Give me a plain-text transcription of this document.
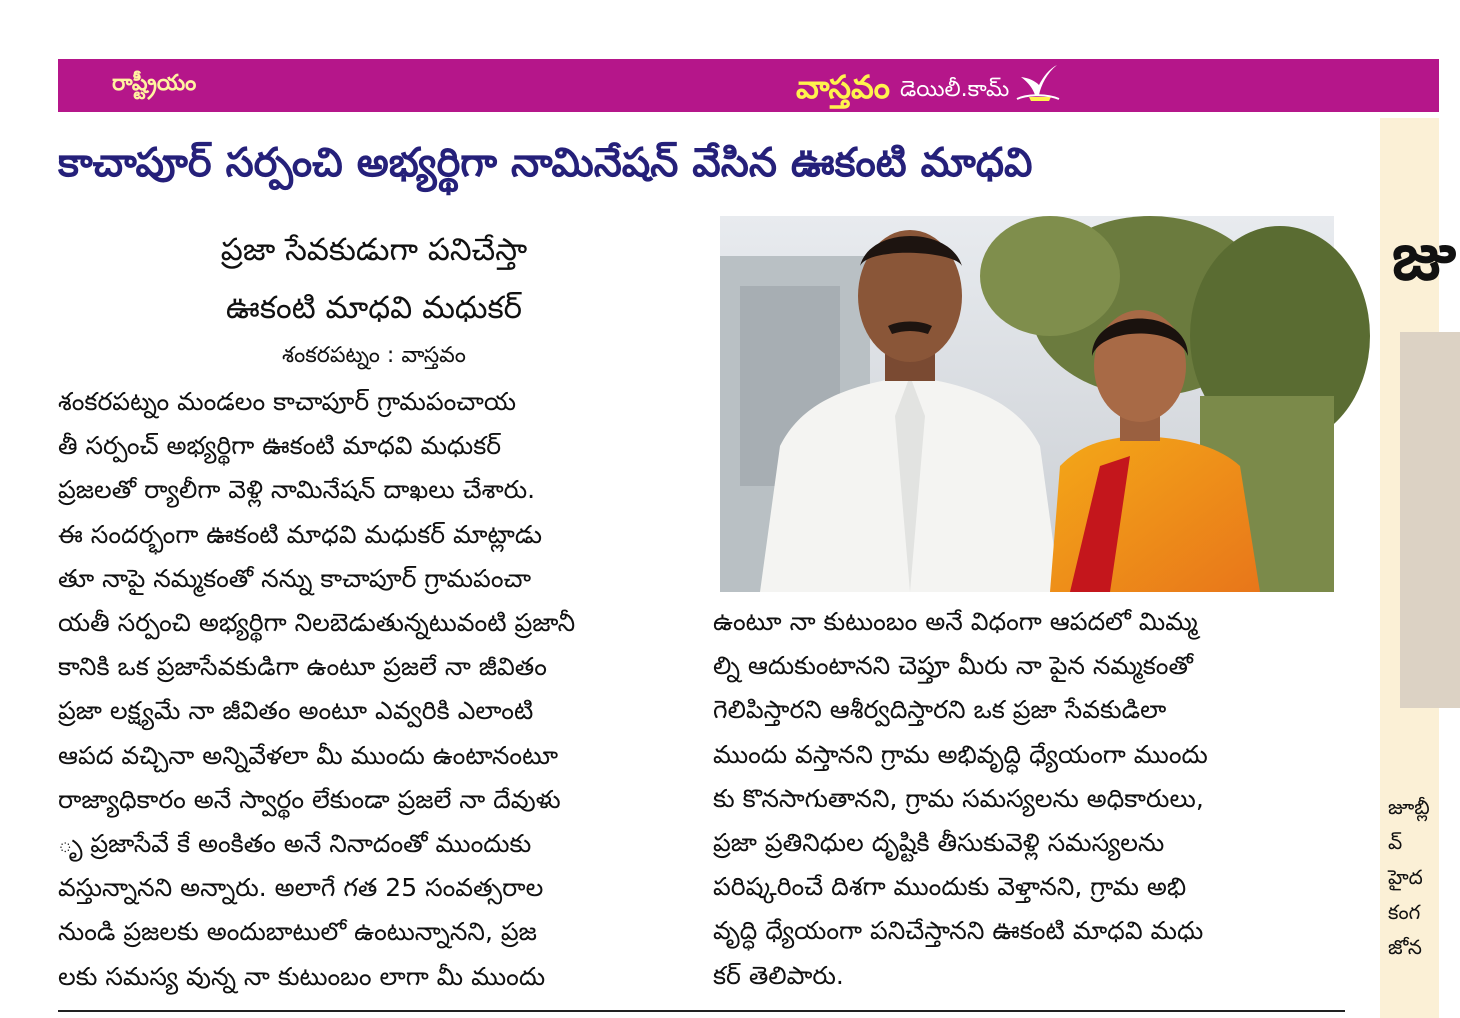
రాష్ట్రీయం	వాస్తవం డెయిలీ.కామ్
కాచాపూర్ సర్పంచి అభ్యర్థిగా నామినేషన్ వేసిన ఊకంటి మాధవి
ప్రజా సేవకుడుగా పనిచేస్తా
ఊకంటి మాధవి మధుకర్
శంకరపట్నం : వాస్తవం
శంకరపట్నం మండలం కాచాపూర్ గ్రామపంచాయ
తీ సర్పంచ్ అభ్యర్థిగా ఊకంటి మాధవి మధుకర్
ప్రజలతో ర్యాలీగా వెళ్లి నామినేషన్ దాఖలు చేశారు.
ఈ సందర్భంగా ఊకంటి మాధవి మధుకర్ మాట్లాడు
తూ నాపై నమ్మకంతో నన్ను కాచాపూర్ గ్రామపంచా
యతీ సర్పంచి అభ్యర్థిగా నిలబెడుతున్నటువంటి ప్రజానీ
కానికి ఒక ప్రజాసేవకుడిగా ఉంటూ ప్రజలే నా జీవితం
ప్రజా లక్ష్యమే నా జీవితం అంటూ ఎవ్వరికి ఎలాంటి
ఆపద వచ్చినా అన్నివేళలా మీ ముందు ఉంటానంటూ
రాజ్యాధికారం అనే స్వార్థం లేకుండా ప్రజలే నా దేవుళు
ృ ప్రజాసేవే కే అంకితం అనే నినాదంతో ముందుకు
వస్తున్నానని అన్నారు. అలాగే గత 25 సంవత్సరాల
నుండి ప్రజలకు అందుబాటులో ఉంటున్నానని, ప్రజ
లకు సమస్య వున్న నా కుటుంబం లాగా మీ ముందు
ఉంటూ నా కుటుంబం అనే విధంగా ఆపదలో మిమ్మ
ల్ని ఆదుకుంటానని చెప్తూ మీరు నా పైన నమ్మకంతో
గెలిపిస్తారని ఆశీర్వదిస్తారని ఒక ప్రజా సేవకుడిలా
ముందు వస్తానని గ్రామ అభివృద్ధి ధ్యేయంగా ముందు
కు కొనసాగుతానని, గ్రామ సమస్యలను అధికారులు,
ప్రజా ప్రతినిధుల దృష్టికి తీసుకువెళ్లి సమస్యలను
పరిష్కరించే దిశగా ముందుకు వెళ్తానని, గ్రామ అభి
వృద్ధి ధ్యేయంగా పనిచేస్తానని ఊకంటి మాధవి మధు
కర్ తెలిపారు.
జు
జూబ్లీ
వ్
హైద
కంగ
జోన
